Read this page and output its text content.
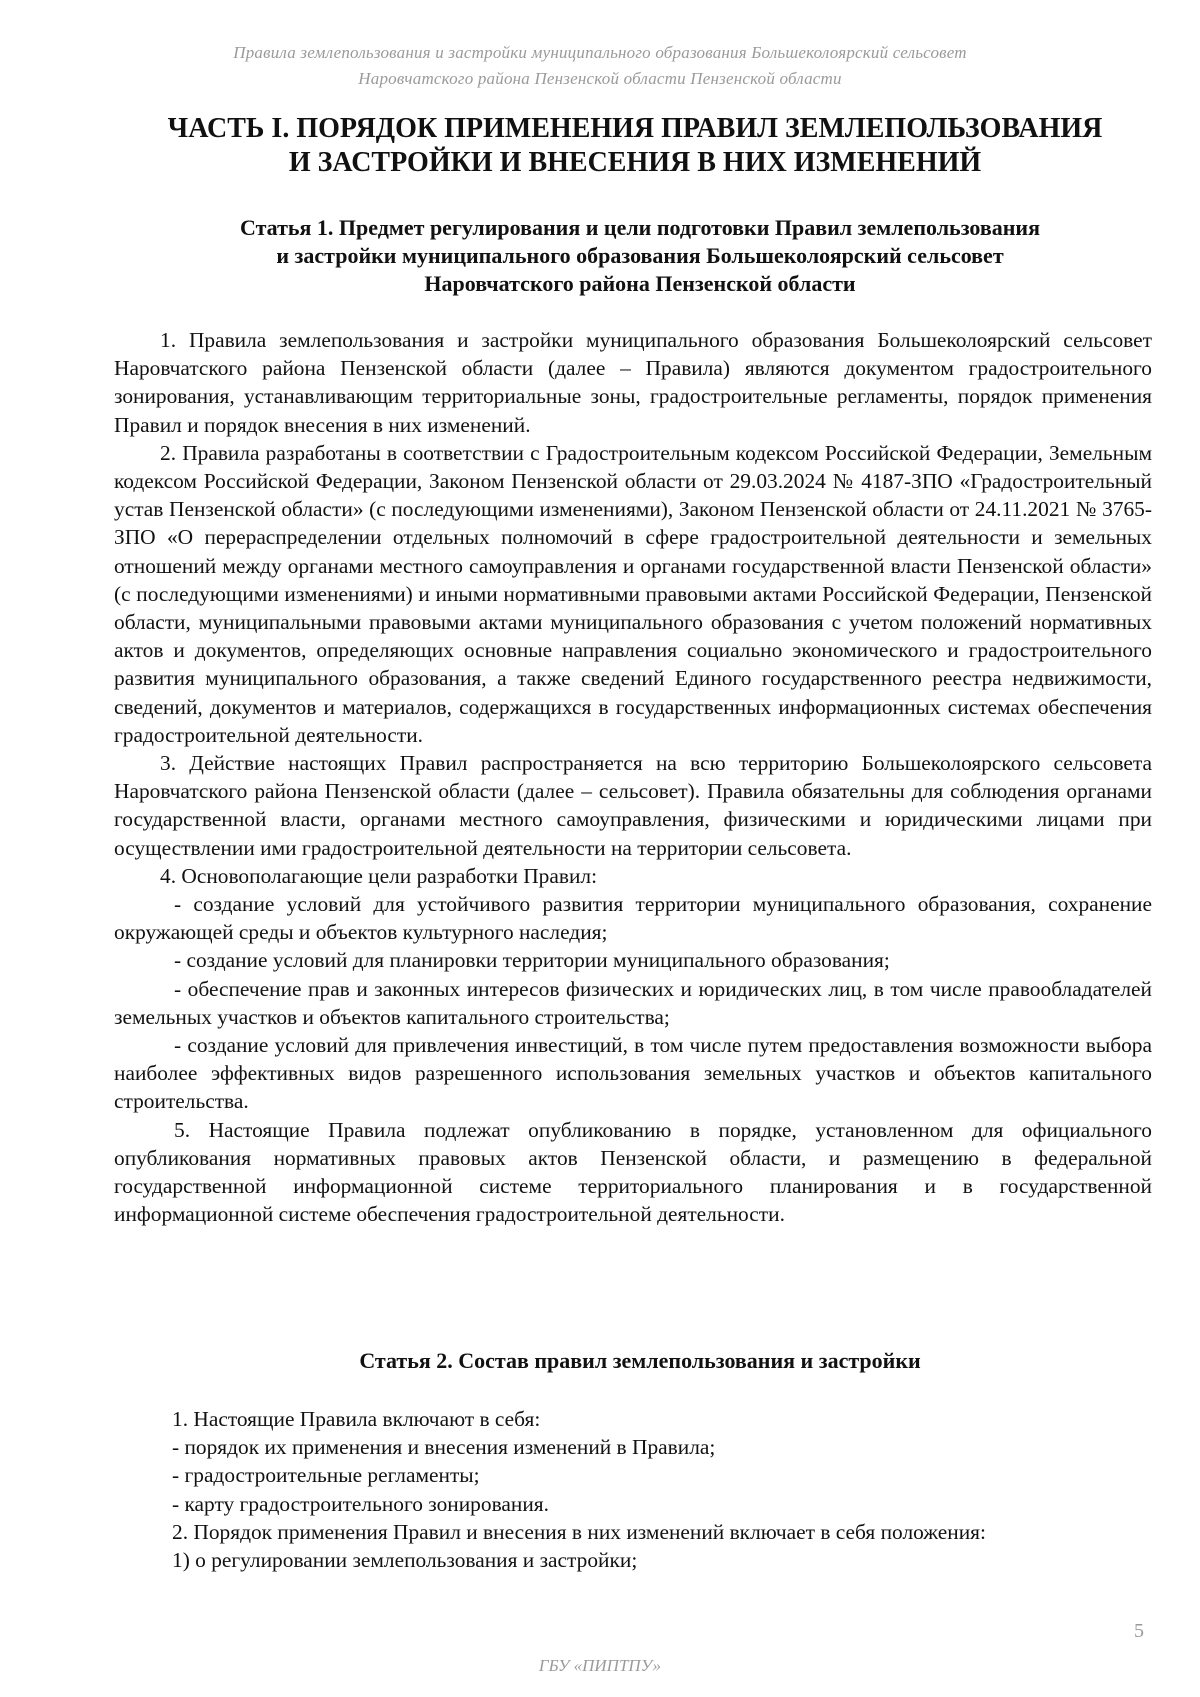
Правила землепользования и застройки муниципального образования Большеколоярский сельсовет
Наровчатского района Пензенской области Пензенской области
ЧАСТЬ I. ПОРЯДОК ПРИМЕНЕНИЯ ПРАВИЛ ЗЕМЛЕПОЛЬЗОВАНИЯ
И ЗАСТРОЙКИ И ВНЕСЕНИЯ В НИХ ИЗМЕНЕНИЙ
Статья 1. Предмет регулирования и цели подготовки Правил землепользования
и застройки муниципального образования Большеколоярский сельсовет
Наровчатского района Пензенской области

1. Правила землепользования и застройки муниципального образования Большеколоярский сельсовет Наровчатского района Пензенской области (далее – Правила) являются документом градостроительного зонирования, устанавливающим территориальные зоны, градостроительные регламенты, порядок применения Правил и порядок внесения в них изменений.

2. Правила разработаны в соответствии с Градостроительным кодексом Российской Федерации, Земельным кодексом Российской Федерации, Законом Пензенской области от 29.03.2024 № 4187-ЗПО «Градостроительный устав Пензенской области» (с последующими изменениями), Законом Пензенской области от 24.11.2021 № 3765-ЗПО «О перераспределении отдельных полномочий в сфере градостроительной деятельности и земельных отношений между органами местного самоуправления и органами государственной власти Пензенской области» (с последующими изменениями) и иными нормативными правовыми актами Российской Федерации, Пензенской области, муниципальными правовыми актами муниципального образования с учетом положений нормативных актов и документов, определяющих основные направления социально экономического и градостроительного развития муниципального образования, а также сведений Единого государственного реестра недвижимости, сведений, документов и материалов, содержащихся в государственных информационных системах обеспечения градостроительной деятельности.

3. Действие настоящих Правил распространяется на всю территорию Большеколоярского сельсовета Наровчатского района Пензенской области (далее – сельсовет). Правила обязательны для соблюдения органами государственной власти, органами местного самоуправления, физическими и юридическими лицами при осуществлении ими градостроительной деятельности на территории сельсовета.

4. Основополагающие цели разработки Правил:

- создание условий для устойчивого развития территории муниципального образования, сохранение окружающей среды и объектов культурного наследия;

- создание условий для планировки территории муниципального образования;

- обеспечение прав и законных интересов физических и юридических лиц, в том числе правообладателей земельных участков и объектов капитального строительства;

- создание условий для привлечения инвестиций, в том числе путем предоставления возможности выбора наиболее эффективных видов разрешенного использования земельных участков и объектов капитального строительства.

5. Настоящие Правила подлежат опубликованию в порядке, установленном для официального опубликования нормативных правовых актов Пензенской области, и размещению в федеральной государственной информационной системе территориального планирования и в государственной информационной системе обеспечения градостроительной деятельности.

Статья 2. Состав правил землепользования и застройки

1. Настоящие Правила включают в себя:

- порядок их применения и внесения изменений в Правила;

- градостроительные регламенты;

- карту градостроительного зонирования.

2. Порядок применения Правил и внесения в них изменений включает в себя положения:

1) о регулировании землепользования и застройки;

5
ГБУ «ПИПТПУ»
